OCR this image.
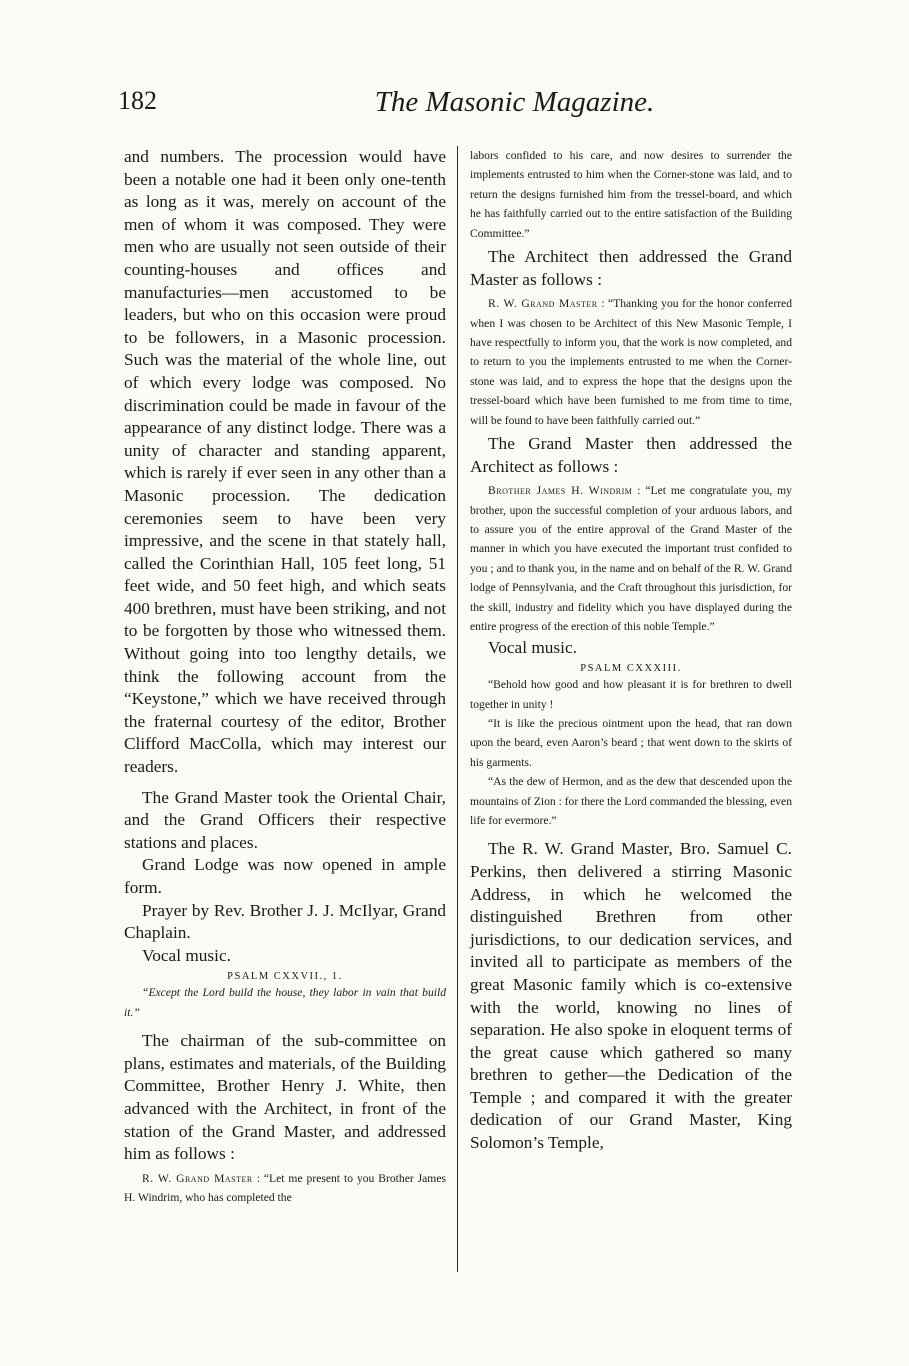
182	The Masonic Magazine.

and numbers. The procession would have been a notable one had it been only one-tenth as long as it was, merely on account of the men of whom it was composed. They were men who are usually not seen outside of their counting-houses and offices and manufacturies—men accustomed to be leaders, but who on this occasion were proud to be followers, in a Masonic procession. Such was the material of the whole line, out of which every lodge was composed. No discrimination could be made in favour of the appearance of any distinct lodge. There was a unity of character and standing apparent, which is rarely if ever seen in any other than a Masonic procession. The dedication ceremonies seem to have been very impressive, and the scene in that stately hall, called the Corinthian Hall, 105 feet long, 51 feet wide, and 50 feet high, and which seats 400 brethren, must have been striking, and not to be forgotten by those who witnessed them. Without going into too lengthy details, we think the following account from the “Keystone,” which we have received through the fraternal courtesy of the editor, Brother Clifford MacColla, which may interest our readers.

The Grand Master took the Oriental Chair, and the Grand Officers their respective stations and places.

Grand Lodge was now opened in ample form.

Prayer by Rev. Brother J. J. McIlyar, Grand Chaplain.

Vocal music.

PSALM CXXVII., 1.

“Except the Lord build the house, they labor in vain that build it.”

The chairman of the sub-committee on plans, estimates and materials, of the Building Committee, Brother Henry J. White, then advanced with the Architect, in front of the station of the Grand Master, and addressed him as follows :

R. W. Grand Master : “Let me present to you Brother James H. Windrim, who has completed the

labors confided to his care, and now desires to surrender the implements entrusted to him when the Corner-stone was laid, and to return the designs furnished him from the tressel-board, and which he has faithfully carried out to the entire satisfaction of the Building Committee.”

The Architect then addressed the Grand Master as follows :

R. W. Grand Master : “Thanking you for the honor conferred when I was chosen to be Architect of this New Masonic Temple, I have respectfully to inform you, that the work is now completed, and to return to you the implements entrusted to me when the Corner-stone was laid, and to express the hope that the designs upon the tressel-board which have been furnished to me from time to time, will be found to have been faithfully carried out.”

The Grand Master then addressed the Architect as follows :

Brother James H. Windrim : “Let me congratulate you, my brother, upon the successful completion of your arduous labors, and to assure you of the entire approval of the Grand Master of the manner in which you have executed the important trust confided to you ; and to thank you, in the name and on behalf of the R. W. Grand lodge of Pennsylvania, and the Craft throughout this jurisdiction, for the skill, industry and fidelity which you have displayed during the entire progress of the erection of this noble Temple.”

Vocal music.

PSALM CXXXIII.

“Behold how good and how pleasant it is for brethren to dwell together in unity !

“It is like the precious ointment upon the head, that ran down upon the beard, even Aaron’s beard ; that went down to the skirts of his garments.

“As the dew of Hermon, and as the dew that descended upon the mountains of Zion : for there the Lord commanded the blessing, even life for evermore.”

The R. W. Grand Master, Bro. Samuel C. Perkins, then delivered a stirring Masonic Address, in which he welcomed the distinguished Brethren from other jurisdictions, to our dedication services, and invited all to participate as members of the great Masonic family which is co-extensive with the world, knowing no lines of separation. He also spoke in eloquent terms of the great cause which gathered so many brethren to gether—the Dedication of the Temple ; and compared it with the greater dedication of our Grand Master, King Solomon’s Temple,
